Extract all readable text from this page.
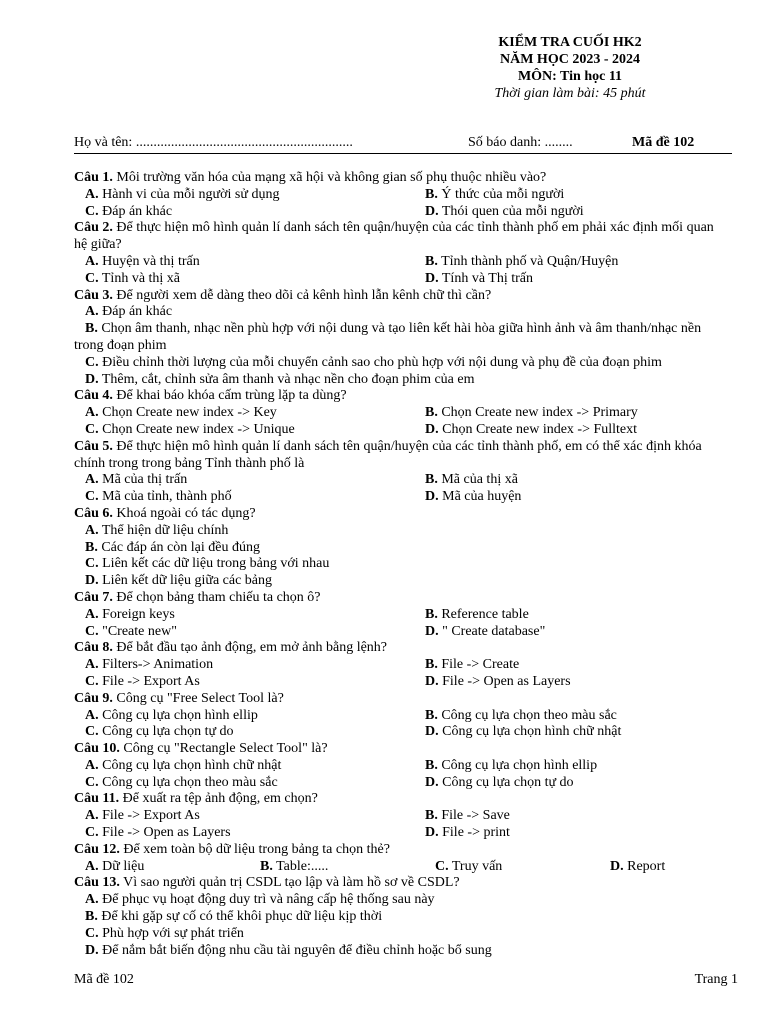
KIỂM TRA CUỐI HK2
NĂM HỌC 2023 - 2024
MÔN: Tin học 11
Thời gian làm bài: 45 phút
Họ và tên: ..............................................................	Số báo danh: ........	Mã đề 102
Câu 1. Môi trường văn hóa của mạng xã hội và không gian số phụ thuộc nhiều vào?
A. Hành vi của mỗi người sử dụng	B. Ý thức của mỗi người
C. Đáp án khác	D. Thói quen của mỗi người
Câu 2. Để thực hiện mô hình quản lí danh sách tên quận/huyện của các tỉnh thành phố em phải xác định mối quan hệ giữa?
A. Huyện và thị trấn	B. Tỉnh thành phố và Quận/Huyện
C. Tỉnh và thị xã	D. Tính và Thị trấn
Câu 3. Để người xem dễ dàng theo dõi cả kênh hình lẫn kênh chữ thì cần?
A. Đáp án khác
B. Chọn âm thanh, nhạc nền phù hợp với nội dung và tạo liên kết hài hòa giữa hình ảnh và âm thanh/nhạc nền trong đoạn phim
C. Điều chỉnh thời lượng của mỗi chuyển cảnh sao cho phù hợp với nội dung và phụ đề của đoạn phim
D. Thêm, cắt, chỉnh sửa âm thanh và nhạc nền cho đoạn phim của em
Câu 4. Để khai báo khóa cấm trùng lặp ta dùng?
A. Chọn Create new index -> Key	B. Chọn Create new index -> Primary
C. Chọn Create new index -> Unique	D. Chọn Create new index -> Fulltext
Câu 5. Để thực hiện mô hình quản lí danh sách tên quận/huyện của các tỉnh thành phố, em có thể xác định khóa chính trong trong bảng Tỉnh thành phố là
A. Mã của thị trấn	B. Mã của thị xã
C. Mã của tỉnh, thành phố	D. Mã của huyện
Câu 6. Khoá ngoài có tác dụng?
A. Thể hiện dữ liệu chính
B. Các đáp án còn lại đều đúng
C. Liên kết các dữ liệu trong bảng với nhau
D. Liên kết dữ liệu giữa các bảng
Câu 7. Để chọn bảng tham chiếu ta chọn ô?
A. Foreign keys	B. Reference table
C. "Create new"	D. " Create database"
Câu 8. Để bắt đầu tạo ảnh động, em mở ảnh bằng lệnh?
A. Filters-> Animation	B. File -> Create
C. File -> Export As	D. File -> Open as Layers
Câu 9. Công cụ "Free Select Tool là?
A. Công cụ lựa chọn hình ellip	B. Công cụ lựa chọn theo màu sắc
C. Công cụ lựa chọn tự do	D. Công cụ lựa chọn hình chữ nhật
Câu 10. Công cụ "Rectangle Select Tool" là?
A. Công cụ lựa chọn hình chữ nhật	B. Công cụ lựa chọn hình ellip
C. Công cụ lựa chọn theo màu sắc	D. Công cụ lựa chọn tự do
Câu 11. Để xuất ra tệp ảnh động, em chọn?
A. File -> Export As	B. File -> Save
C. File -> Open as Layers	D. File -> print
Câu 12. Để xem toàn bộ dữ liệu trong bảng ta chọn thẻ?
A. Dữ liệu	B. Table:.....	C. Truy vấn	D. Report
Câu 13. Vì sao người quản trị CSDL tạo lập và làm hồ sơ về CSDL?
A. Để phục vụ hoạt động duy trì và nâng cấp hệ thống sau này
B. Để khi gặp sự cố có thể khôi phục dữ liệu kịp thời
C. Phù hợp với sự phát triển
D. Để nắm bắt biến động nhu cầu tài nguyên để điều chỉnh hoặc bổ sung
Mã đề 102	Trang 1
